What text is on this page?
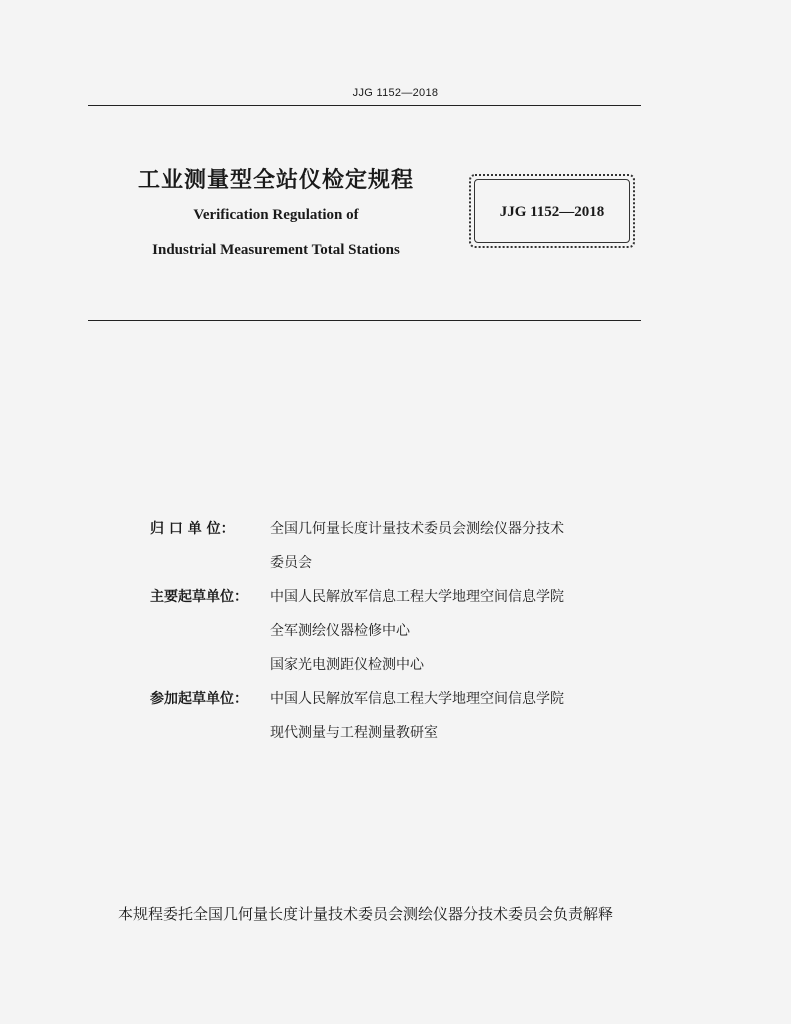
JJG 1152—2018
工业测量型全站仪检定规程
Verification Regulation of
Industrial Measurement Total Stations
JJG 1152—2018
归 口 单 位：	全国几何量长度计量技术委员会测绘仪器分技术
委员会
主要起草单位：	中国人民解放军信息工程大学地理空间信息学院
全军测绘仪器检修中心
国家光电测距仪检测中心
参加起草单位：	中国人民解放军信息工程大学地理空间信息学院
现代测量与工程测量教研室
本规程委托全国几何量长度计量技术委员会测绘仪器分技术委员会负责解释
